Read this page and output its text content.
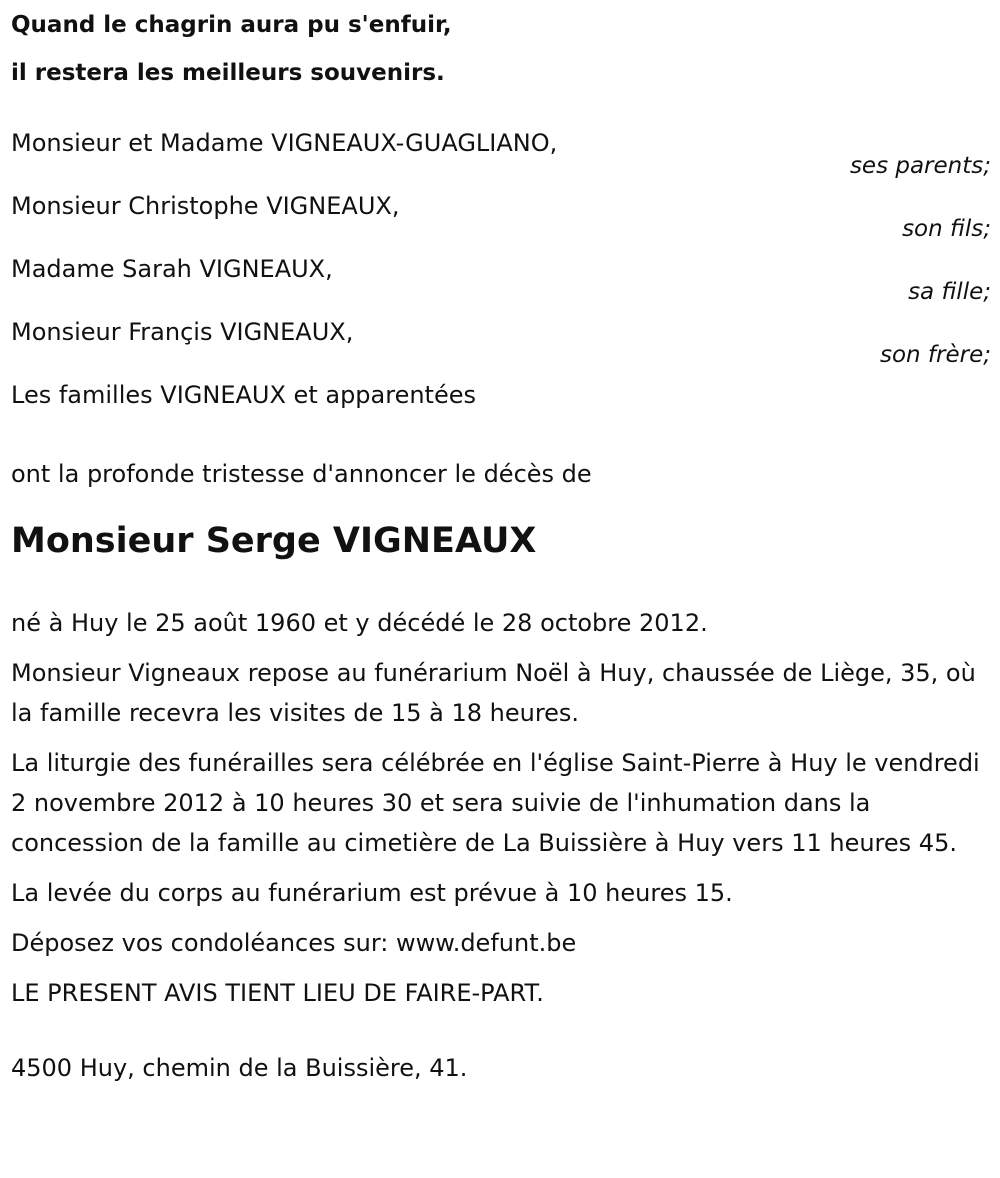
Quand le chagrin aura pu s'enfuir,

il restera les meilleurs souvenirs.

Monsieur et Madame VIGNEAUX-GUAGLIANO,
ses parents;
Monsieur Christophe VIGNEAUX,
son fils;
Madame Sarah VIGNEAUX,
sa fille;
Monsieur Françis VIGNEAUX,
son frère;
Les familles VIGNEAUX et apparentées
ont la profonde tristesse d'annoncer le décès de
Monsieur Serge VIGNEAUX

né à Huy le 25 août 1960 et y décédé le 28 octobre 2012.

Monsieur Vigneaux repose au funérarium Noël à Huy, chaussée de Liège, 35, où la famille recevra les visites de 15 à 18 heures.

La liturgie des funérailles sera célébrée en l'église Saint-Pierre à Huy le vendredi 2 novembre 2012 à 10 heures 30 et sera suivie de l'inhumation dans la concession de la famille au cimetière de La Buissière à Huy vers 11 heures 45.

La levée du corps au funérarium est prévue à 10 heures 15.

Déposez vos condoléances sur: www.defunt.be

LE PRESENT AVIS TIENT LIEU DE FAIRE-PART.

4500 Huy, chemin de la Buissière, 41.
